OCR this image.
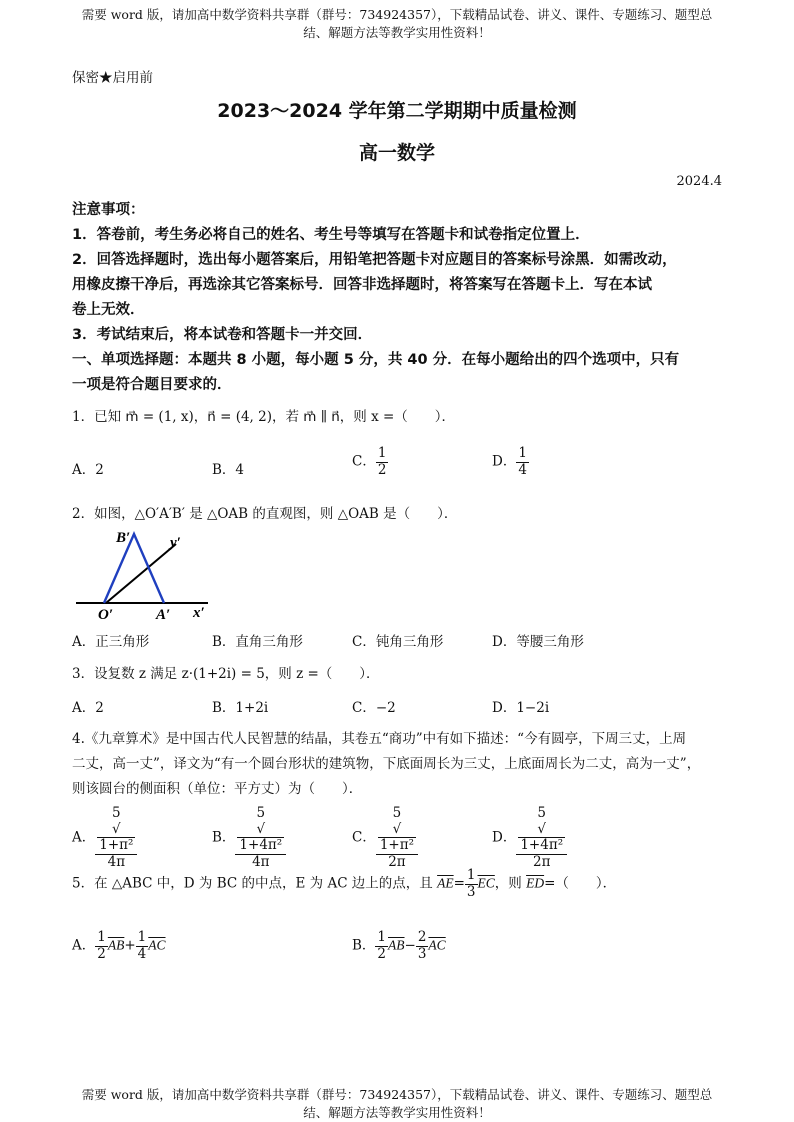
需要 word 版，请加高中数学资料共享群（群号：734924357），下载精品试卷、讲义、课件、专题练习、题型总
结、解题方法等教学实用性资料！
保密★启用前
2023～2024 学年第二学期期中质量检测
高一数学
2024.4
注意事项：
1．答卷前，考生务必将自己的姓名、考生号等填写在答题卡和试卷指定位置上．
2．回答选择题时，选出每小题答案后，用铅笔把答题卡对应题目的答案标号涂黑．如需改动，
用橡皮擦干净后，再选涂其它答案标号．回答非选择题时，将答案写在答题卡上．写在本试
卷上无效．
3．考试结束后，将本试卷和答题卡一并交回．
一、单项选择题：本题共 8 小题，每小题 5 分，共 40 分．在每小题给出的四个选项中，只有
一项是符合题目要求的．
1．已知 m⃗ = (1, x)，n⃗ = (4, 2)，若 m⃗ ∥ n⃗，则 x =（　　）．
A．2	B．4
C． $\frac{1}{2}$	D． $\frac{1}{4}$
2．如图，△O′A′B′ 是 △OAB 的直观图，则 △OAB 是（　　）．
B′	y′
O′	A′ x′
A．正三角形	B．直角三角形	C．钝角三角形	D．等腰三角形
3．设复数 z 满足 z·(1+2i) = 5，则 z =（　　）．
A．2	B．1+2i	C．−2	D．1−2i
4.《九章算术》是中国古代人民智慧的结晶，其卷五“商功”中有如下描述：“今有圆亭，下周三丈，上周
二丈，高一丈”，译文为“有一个圆台形状的建筑物，下底面周长为三丈，上底面周长为二丈，高为一丈”，
则该圆台的侧面积（单位：平方丈）为（　　）．
A． 5
√
1+π²
4π	B． 5
√
1+4π²
4π	C． 5
√
1+π²
2π	D． 5
√
1+4π²
2π
5．在 △ABC 中，D 为 BC 的中点，E 为 AC 边上的点，且 $\overline{AE}= \frac{1}{3} \overline{EC}$，则 $\overline{ED}=$（　　）．
A． $\frac{1}{2} \overline{AB}+ \frac{1}{4} \overline{AC}$	B． $\frac{1}{2} \overline{AB}- \frac{2}{3} \overline{AC}$
需要 word 版，请加高中数学资料共享群（群号：734924357），下载精品试卷、讲义、课件、专题练习、题型总
结、解题方法等教学实用性资料！
